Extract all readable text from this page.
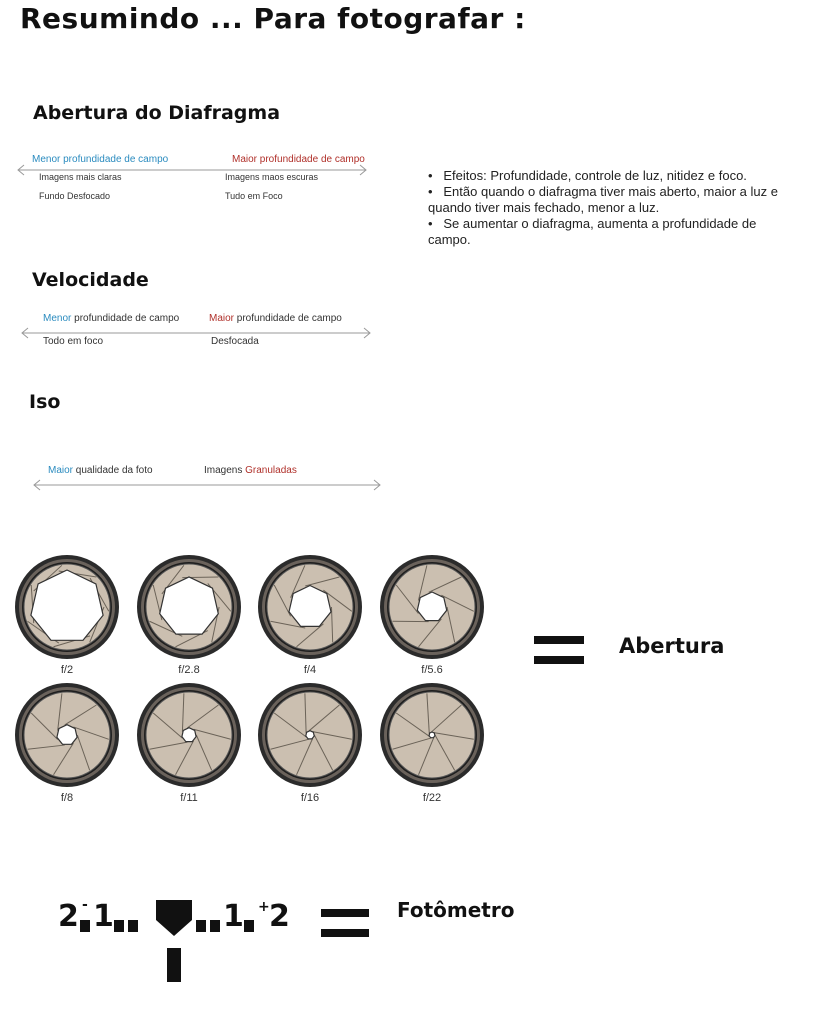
Resumindo ... Para fotografar :
Abertura do Diafragma
Menor profundidade de campo	Maior profundidade de campo
Imagens mais claras
Fundo Desfocado
Imagens maos escuras
Tudo em Foco
•   Efeitos: Profundidade, controle de luz, nitidez e foco.
•   Então quando o diafragma tiver mais aberto, maior a luz e quando tiver mais fechado, menor a luz.
•   Se aumentar o diafragma, aumenta a profundidade de campo.
Velocidade
Menor profundidade de campo	Maior profundidade de campo
Todo em foco	Desfocada
Iso
Maior qualidade da foto	Imagens Granuladas
f/2	f/2.8	f/4	f/5.6
f/8	f/11	f/16	f/22
Abertura
2 - 1	1 + 2	Fotômetro
